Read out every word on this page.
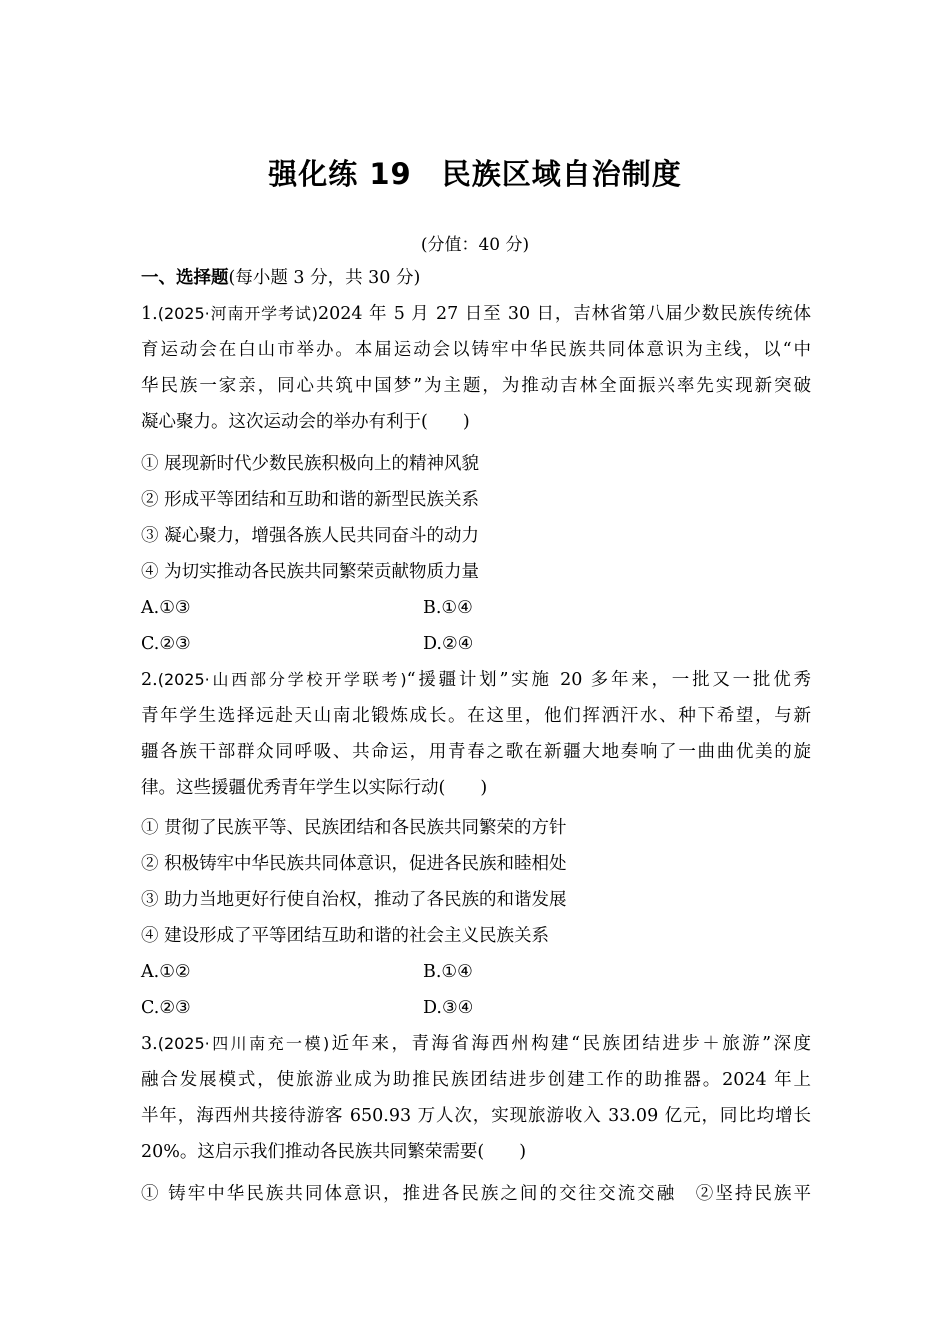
强化练 19　民族区域自治制度
(分值：40 分)
一、选择题(每小题 3 分，共 30 分)
1.(2025·河南开学考试)2024 年 5 月 27 日至 30 日，吉林省第八届少数民族传统体
育运动会在白山市举办。本届运动会以铸牢中华民族共同体意识为主线，以“中
华民族一家亲，同心共筑中国梦”为主题，为推动吉林全面振兴率先实现新突破
凝心聚力。这次运动会的举办有利于(　　)
① 展现新时代少数民族积极向上的精神风貌
② 形成平等团结和互助和谐的新型民族关系
③ 凝心聚力，增强各族人民共同奋斗的动力
④ 为切实推动各民族共同繁荣贡献物质力量
A.①③	B.①④
C.②③	D.②④
2.(2025·山西部分学校开学联考)“援疆计划”实施 20 多年来，一批又一批优秀
青年学生选择远赴天山南北锻炼成长。在这里，他们挥洒汗水、种下希望，与新
疆各族干部群众同呼吸、共命运，用青春之歌在新疆大地奏响了一曲曲优美的旋
律。这些援疆优秀青年学生以实际行动(　　)
① 贯彻了民族平等、民族团结和各民族共同繁荣的方针
② 积极铸牢中华民族共同体意识，促进各民族和睦相处
③ 助力当地更好行使自治权，推动了各民族的和谐发展
④ 建设形成了平等团结互助和谐的社会主义民族关系
A.①②	B.①④
C.②③	D.③④
3.(2025·四川南充一模)近年来，青海省海西州构建“民族团结进步＋旅游”深度
融合发展模式，使旅游业成为助推民族团结进步创建工作的助推器。2024 年上
半年，海西州共接待游客 650.93 万人次，实现旅游收入 33.09 亿元，同比均增长
20%。这启示我们推动各民族共同繁荣需要(　　)
① 铸牢中华民族共同体意识，推进各民族之间的交往交流交融　②坚持民族平
